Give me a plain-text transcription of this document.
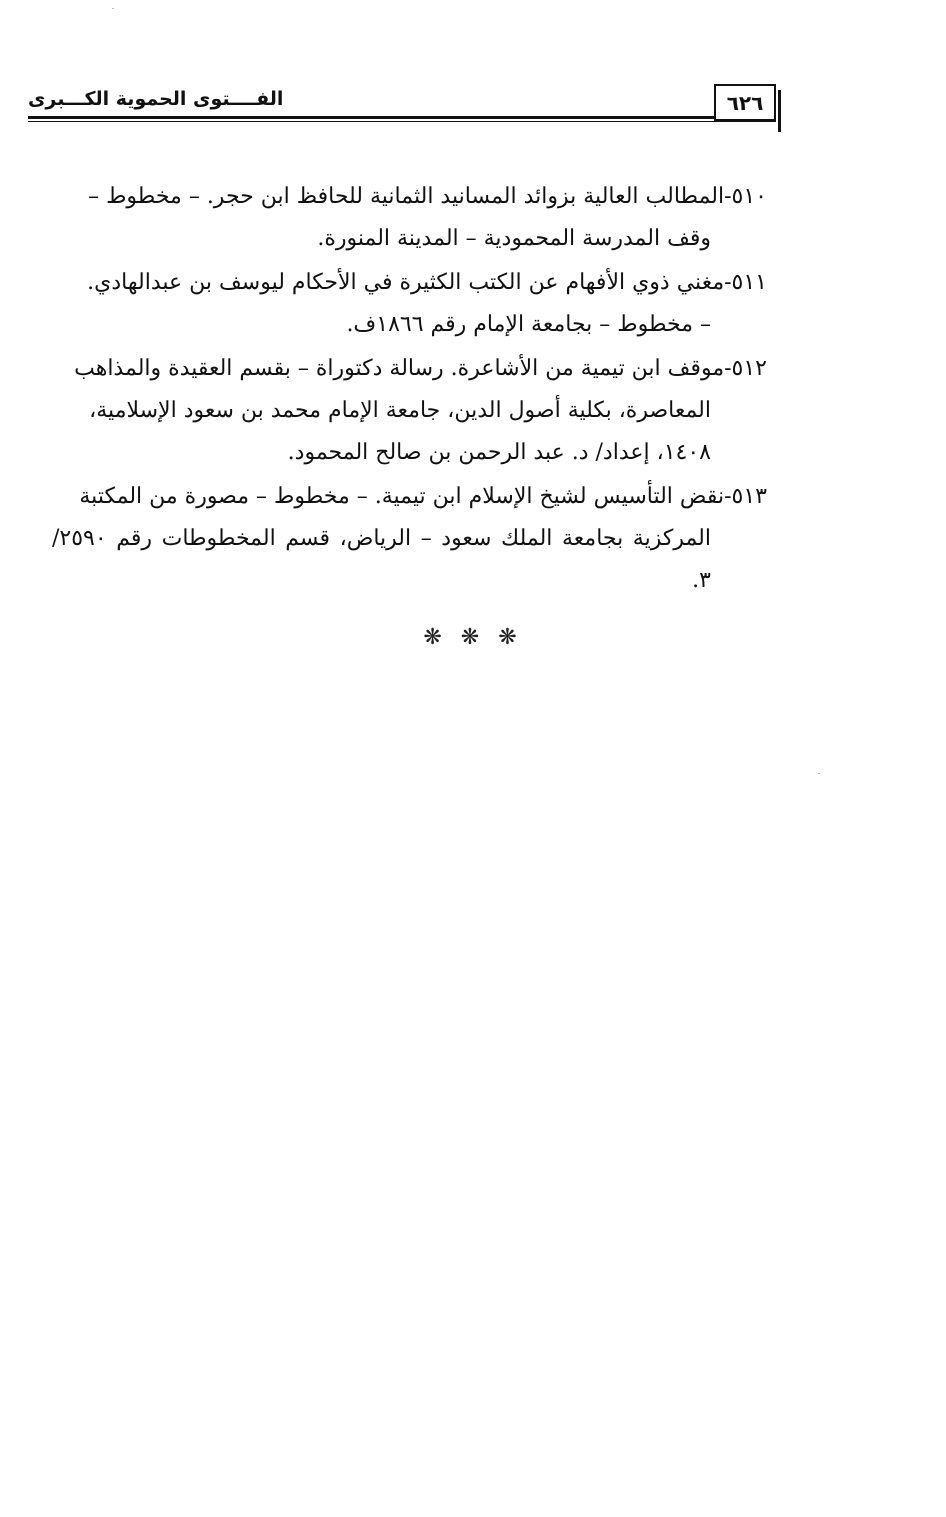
الفــــتوى الحموية الكـــبرى	٦٢٦
٥١٠-المطالب العالية بزوائد المسانيد الثمانية للحافظ ابن حجر. – مخطوط –
وقف المدرسة المحمودية – المدينة المنورة.
٥١١-مغني ذوي الأفهام عن الكتب الكثيرة في الأحكام ليوسف بن عبدالهادي.
– مخطوط – بجامعة الإمام رقم ١٨٦٦ف.
٥١٢-موقف ابن تيمية من الأشاعرة. رسالة دكتوراة – بقسم العقيدة والمذاهب
المعاصرة، بكلية أصول الدين، جامعة الإمام محمد بن سعود الإسلامية،
١٤٠٨، إعداد/ د. عبد الرحمن بن صالح المحمود.
٥١٣-نقض التأسيس لشيخ الإسلام ابن تيمية. – مخطوط – مصورة من المكتبة
المركزية بجامعة الملك سعود – الرياض، قسم المخطوطات رقم ٢٥٩٠/ ٣.
❋ ❋ ❋
